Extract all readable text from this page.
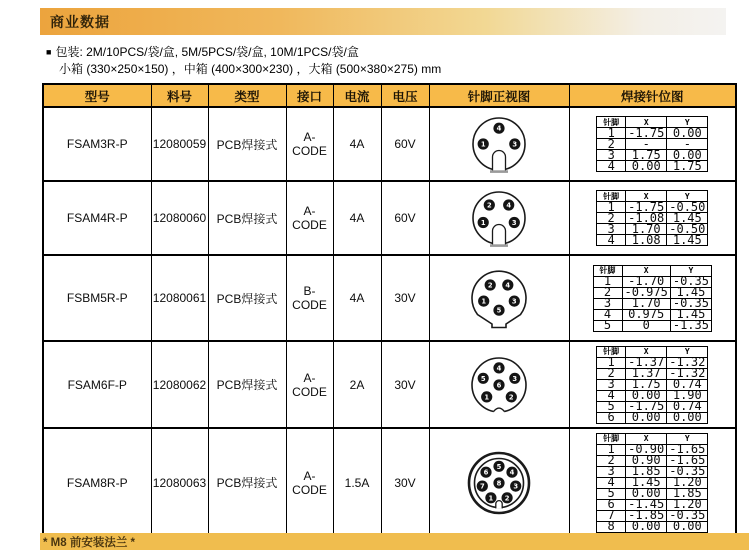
商业数据
■ 包装: 2M/10PCS/袋/盒, 5M/5PCS/袋/盒, 10M/1PCS/袋/盒
小箱 (330×250×150) ，中箱 (400×300×230) ，大箱 (500×380×275) mm
型号	料号	类型	接口	电流	电压	针脚正视图	焊接针位图
FSAM3R-P	12080059	PCB焊接式	A-CODE	4A	60V	1	3
4

针脚	X	Y
1	-1.75	0.00
2	-	-
3	1.75	0.00
4	0.00	1.75

FSAM4R-P	12080060	PCB焊接式	A-CODE	4A	60V	1
2
3
4

针脚	X	Y
1	-1.75	-0.50
2	-1.08	1.45
3	1.70	-0.50
4	1.08	1.45

FSBM5R-P	12080061	PCB焊接式	B-CODE	4A	30V	1
2
3
4
5

针脚	X	Y
1	-1.70	-0.35
2	-0.975	1.45
3	1.70	-0.35
4	0.975	1.45
5	0	-1.35

FSAM6F-P	12080062	PCB焊接式	A-CODE	2A	30V	
1	2
3
4
5
6

针脚	X	Y
1	-1.37	-1.32
2	1.37	-1.32
3	1.75	0.74
4	0.00	1.90
5	-1.75	0.74
6	0.00	0.00

FSAM8R-P	12080063	PCB焊接式	A-CODE	1.5A	30V	
1 2
3
4
5
6
7 8

针脚	X	Y
1	-0.90	-1.65
2	0.90	-1.65
3	1.85	-0.35
4	1.45	1.20
5	0.00	1.85
6	-1.45	1.20
7	-1.85	-0.35
8	0.00	0.00
* M8 前安装法兰 *
